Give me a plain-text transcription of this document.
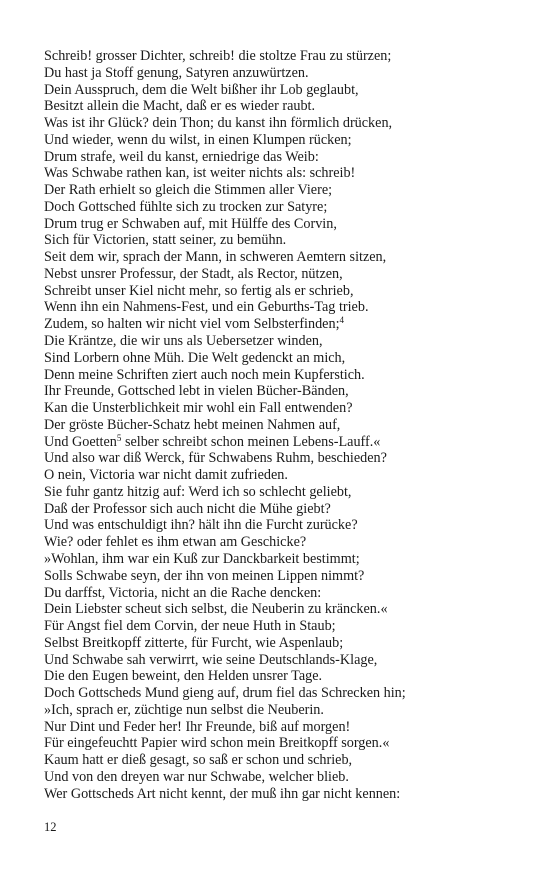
Schreib! grosser Dichter, schreib! die stoltze Frau zu stürzen;
Du hast ja Stoff genung, Satyren anzuwürtzen.
Dein Ausspruch, dem die Welt bißher ihr Lob geglaubt,
Besitzt allein die Macht, daß er es wieder raubt.
Was ist ihr Glück? dein Thon; du kanst ihn förmlich drücken,
Und wieder, wenn du wilst, in einen Klumpen rücken;
Drum strafe, weil du kanst, erniedrige das Weib:
Was Schwabe rathen kan, ist weiter nichts als: schreib!
Der Rath erhielt so gleich die Stimmen aller Viere;
Doch Gottsched fühlte sich zu trocken zur Satyre;
Drum trug er Schwaben auf, mit Hülffe des Corvin,
Sich für Victorien, statt seiner, zu bemühn.
Seit dem wir, sprach der Mann, in schweren Aemtern sitzen,
Nebst unsrer Professur, der Stadt, als Rector, nützen,
Schreibt unser Kiel nicht mehr, so fertig als er schrieb,
Wenn ihn ein Nahmens-Fest, und ein Geburths-Tag trieb.
Zudem, so halten wir nicht viel vom Selbsterfinden;$^4$
Die Kräntze, die wir uns als Uebersetzer winden,
Sind Lorbern ohne Müh. Die Welt gedenckt an mich,
Denn meine Schriften ziert auch noch mein Kupferstich.
Ihr Freunde, Gottsched lebt in vielen Bücher-Bänden,
Kan die Unsterblichkeit mir wohl ein Fall entwenden?
Der gröste Bücher-Schatz hebt meinen Nahmen auf,
Und Goetten$^5$ selber schreibt schon meinen Lebens-Lauff.«
Und also war diß Werck, für Schwabens Ruhm, beschieden?
O nein, Victoria war nicht damit zufrieden.
Sie fuhr gantz hitzig auf: Werd ich so schlecht geliebt,
Daß der Professor sich auch nicht die Mühe giebt?
Und was entschuldigt ihn? hält ihn die Furcht zurücke?
Wie? oder fehlet es ihm etwan am Geschicke?
»Wohlan, ihm war ein Kuß zur Danckbarkeit bestimmt;
Solls Schwabe seyn, der ihn von meinen Lippen nimmt?
Du darffst, Victoria, nicht an die Rache dencken:
Dein Liebster scheut sich selbst, die Neuberin zu kräncken.«
Für Angst fiel dem Corvin, der neue Huth in Staub;
Selbst Breitkopff zitterte, für Furcht, wie Aspenlaub;
Und Schwabe sah verwirrt, wie seine Deutschlands-Klage,
Die den Eugen beweint, den Helden unsrer Tage.
Doch Gottscheds Mund gieng auf, drum fiel das Schrecken hin;
»Ich, sprach er, züchtige nun selbst die Neuberin.
Nur Dint und Feder her! Ihr Freunde, biß auf morgen!
Für eingefeuchtt Papier wird schon mein Breitkopff sorgen.«
Kaum hatt er dieß gesagt, so saß er schon und schrieb,
Und von den dreyen war nur Schwabe, welcher blieb.
Wer Gottscheds Art nicht kennt, der muß ihn gar nicht kennen:
12
